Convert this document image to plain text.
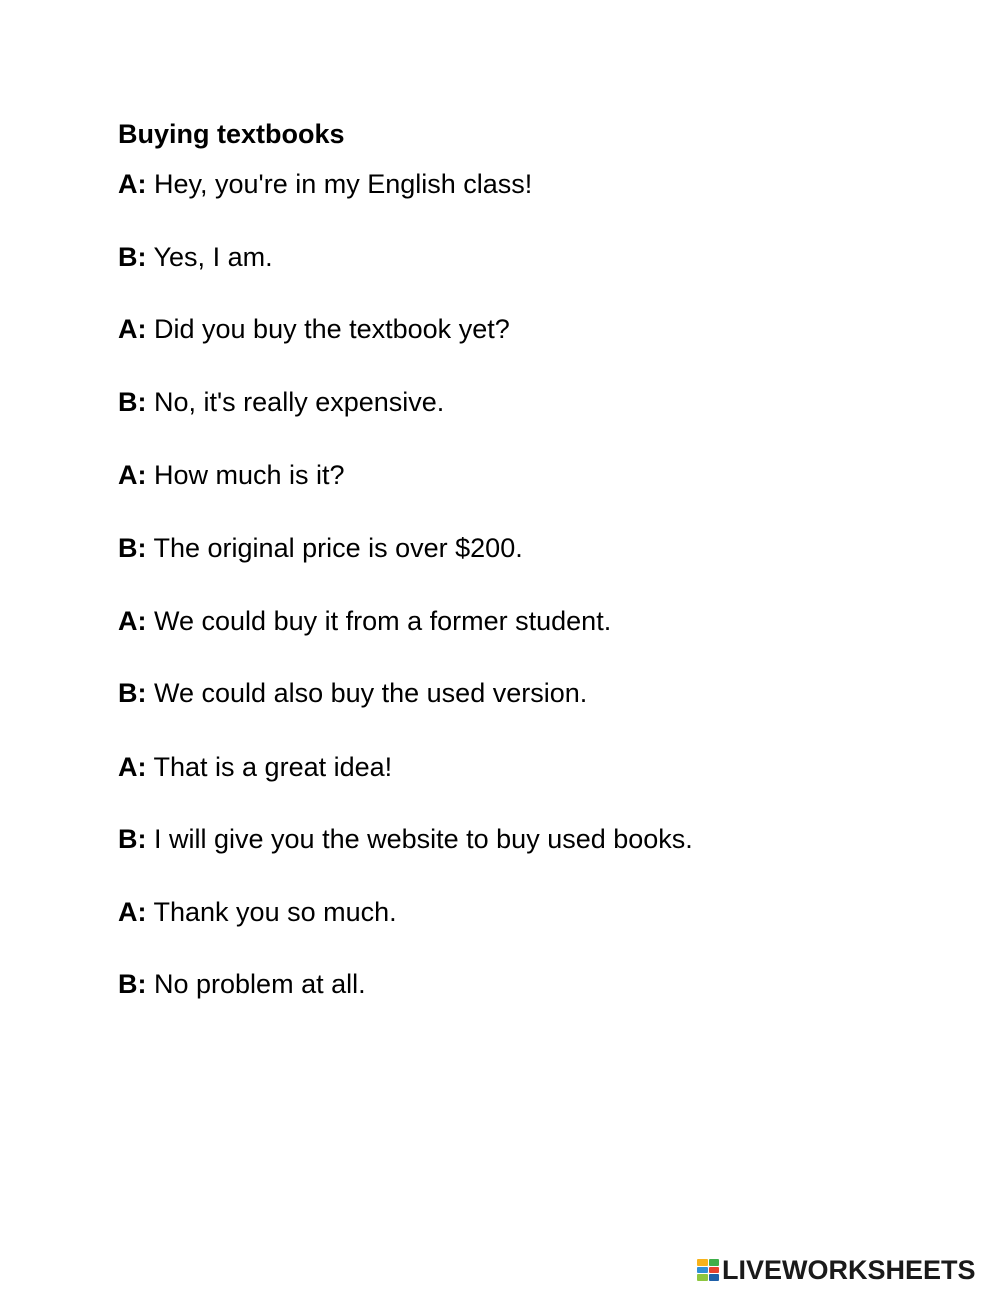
Buying textbooks
A: Hey, you're in my English class!
B: Yes, I am.
A: Did you buy the textbook yet?
B: No, it's really expensive.
A: How much is it?
B: The original price is over $200.
A: We could buy it from a former student.
B: We could also buy the used version.
A: That is a great idea!
B: I will give you the website to buy used books.
A: Thank you so much.
B: No problem at all.
LIVEWORKSHEETS
